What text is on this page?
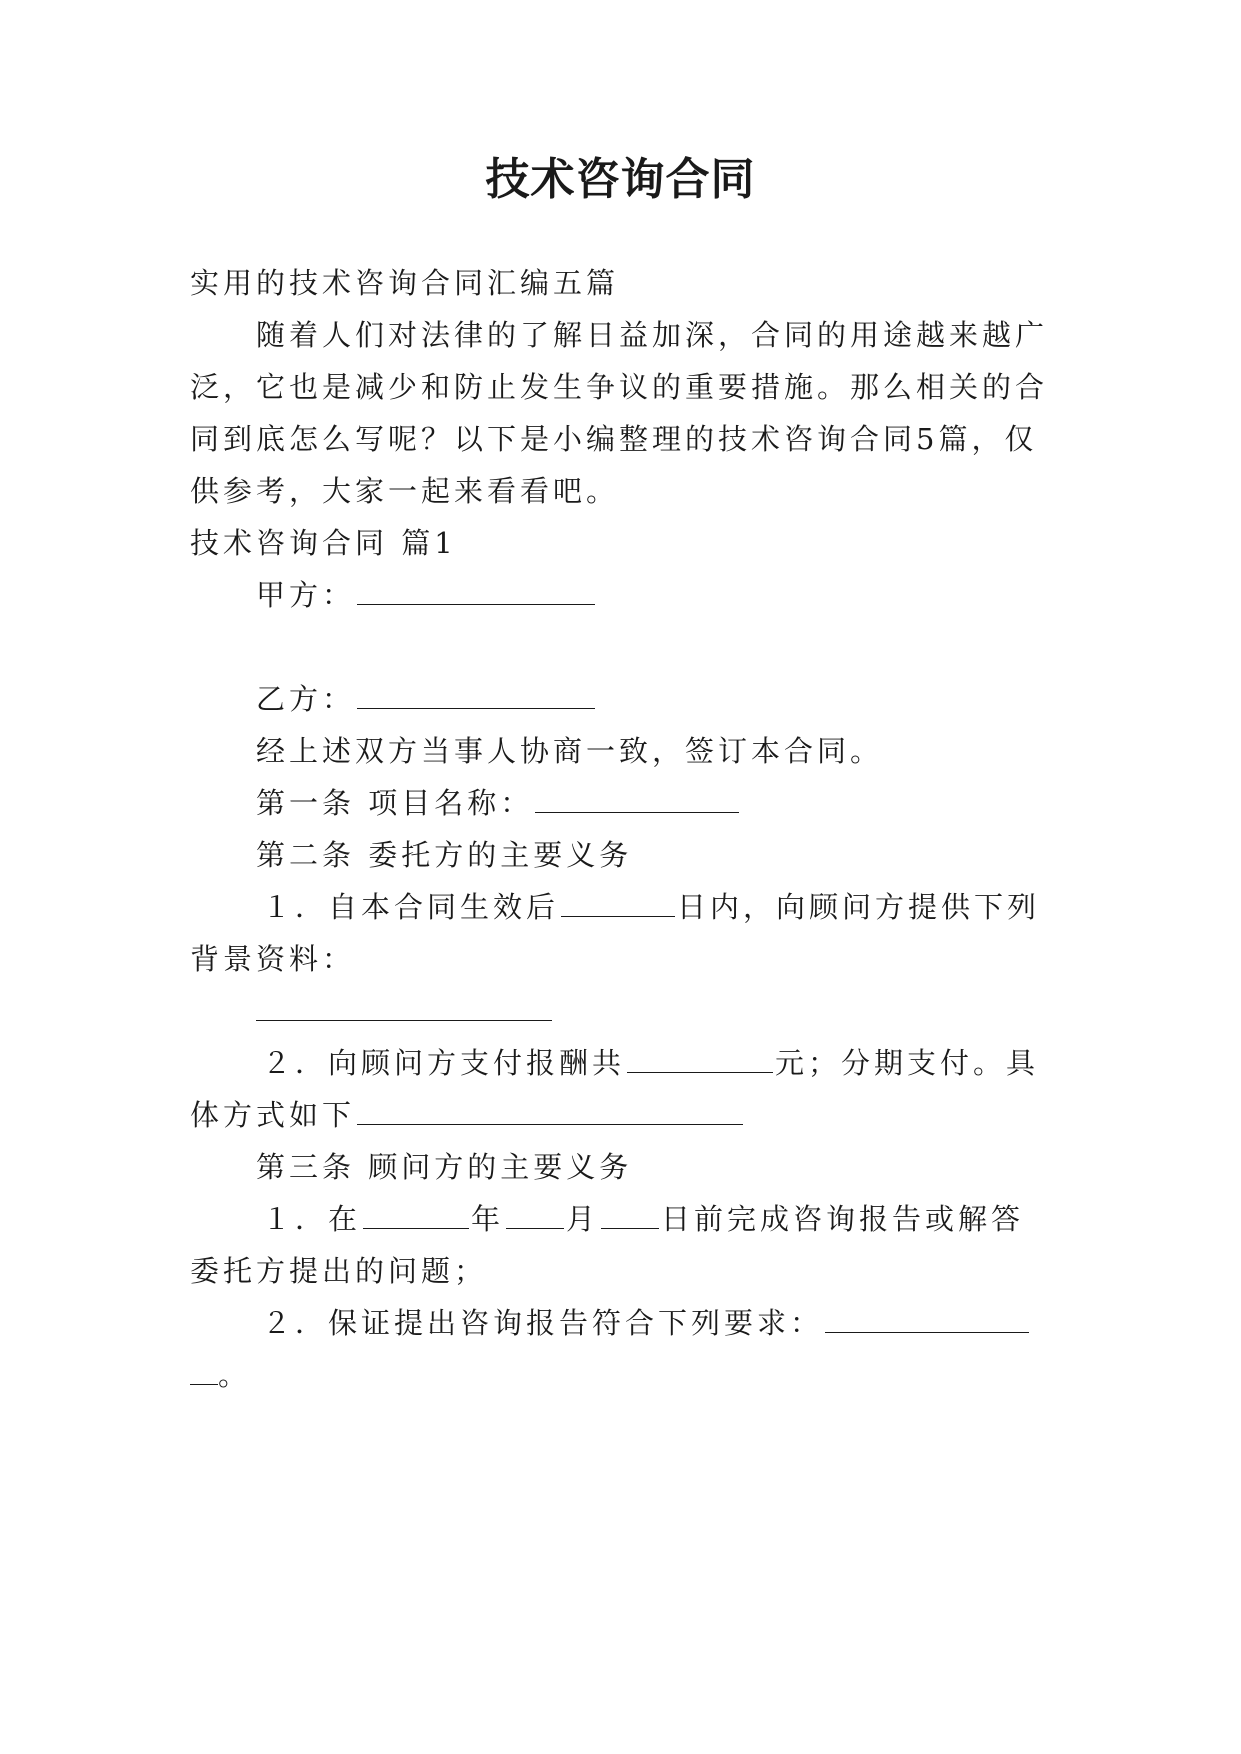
技术咨询合同
实用的技术咨询合同汇编五篇
随着人们对法律的了解日益加深，合同的用途越来越广
泛，它也是减少和防止发生争议的重要措施。那么相关的合
同到底怎么写呢？以下是小编整理的技术咨询合同5篇，仅
供参考，大家一起来看看吧。
技术咨询合同 篇1
甲方：
乙方：
经上述双方当事人协商一致，签订本合同。
第一条 项目名称：
第二条 委托方的主要义务
１．自本合同生效后	日内，向顾问方提供下列
背景资料：
２．向顾问方支付报酬共	元；分期支付。具
体方式如下
第三条 顾问方的主要义务
１．在	年 月 日前完成咨询报告或解答
委托方提出的问题；
２．保证提出咨询报告符合下列要求：
。
